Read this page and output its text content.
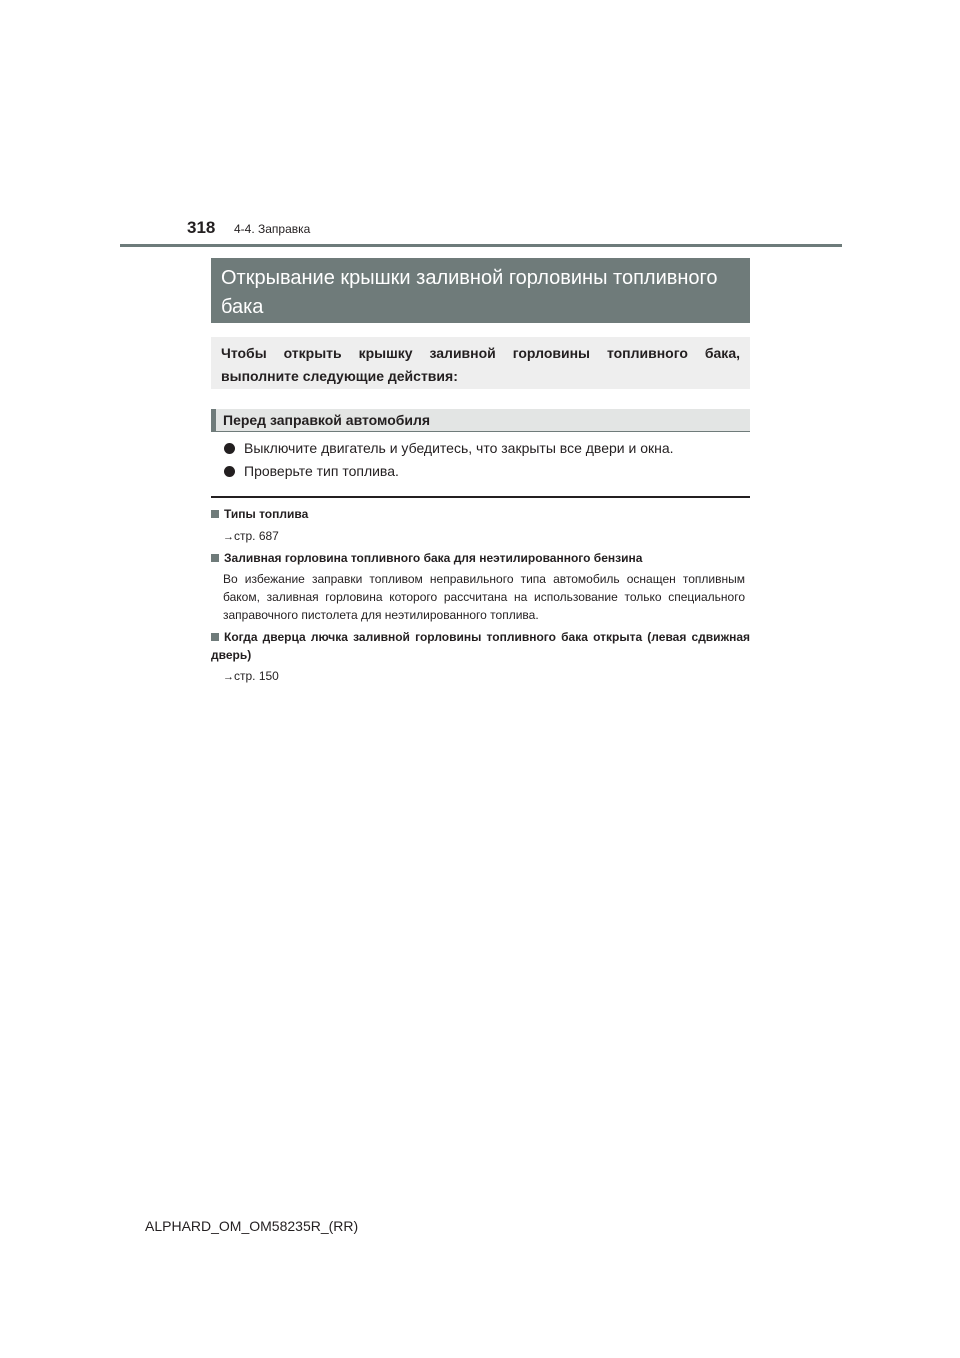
318 4-4. Заправка
Открывание крышки заливной горловины топливного бака
Чтобы открыть крышку заливной горловины топливного бака, выполните следующие действия:
Перед заправкой автомобиля
Выключите двигатель и убедитесь, что закрыты все двери и окна.
Проверьте тип топлива.
Типы топлива
→стр. 687
Заливная горловина топливного бака для неэтилированного бензина
Во избежание заправки топливом неправильного типа автомобиль оснащен топливным баком, заливная горловина которого рассчитана на использование только специального заправочного пистолета для неэтилированного топлива.
Когда дверца лючка заливной горловины топливного бака открыта (левая сдвижная дверь)
→стр. 150
ALPHARD_OM_OM58235R_(RR)
